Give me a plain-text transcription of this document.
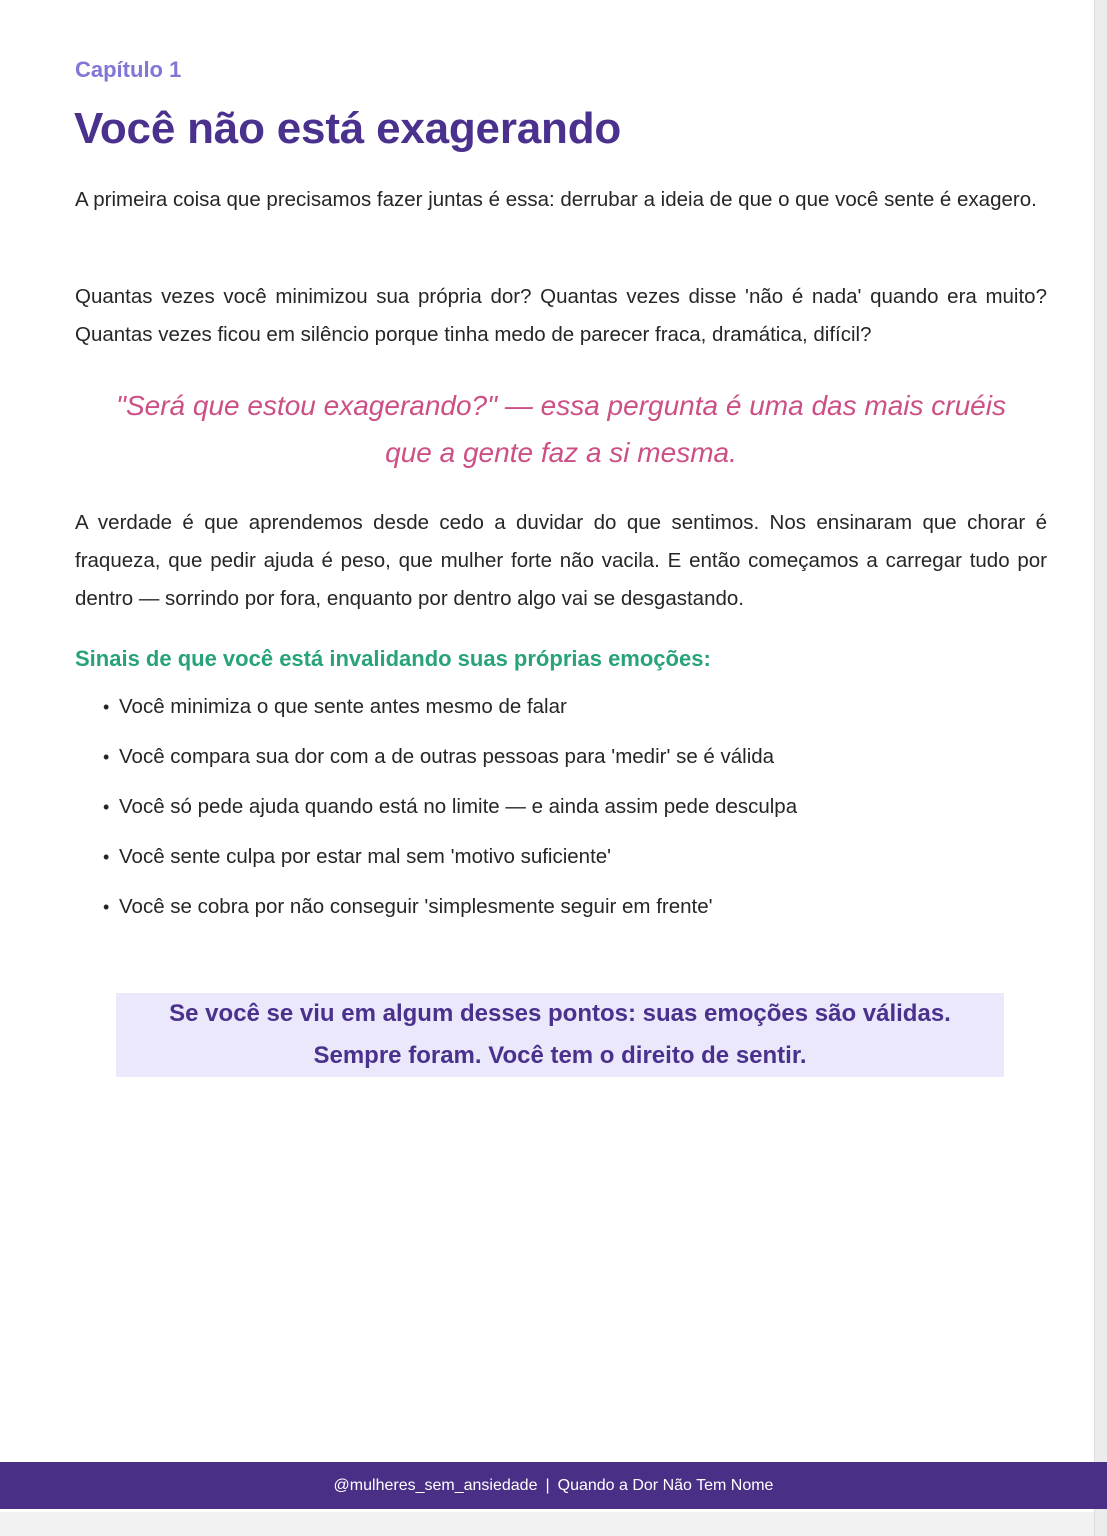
Capítulo 1

Você não está exagerando

A primeira coisa que precisamos fazer juntas é essa: derrubar a ideia de que o que você sente é exagero.

Quantas vezes você minimizou sua própria dor? Quantas vezes disse 'não é nada' quando era muito? Quantas vezes ficou em silêncio porque tinha medo de parecer fraca, dramática, difícil?

"Será que estou exagerando?" — essa pergunta é uma das mais cruéis
que a gente faz a si mesma.

A verdade é que aprendemos desde cedo a duvidar do que sentimos. Nos ensinaram que chorar é fraqueza, que pedir ajuda é peso, que mulher forte não vacila. E então começamos a carregar tudo por dentro — sorrindo por fora, enquanto por dentro algo vai se desgastando.

Sinais de que você está invalidando suas próprias emoções:
• Você minimiza o que sente antes mesmo de falar
• Você compara sua dor com a de outras pessoas para 'medir' se é válida
• Você só pede ajuda quando está no limite — e ainda assim pede desculpa
• Você sente culpa por estar mal sem 'motivo suficiente'
• Você se cobra por não conseguir 'simplesmente seguir em frente'

Se você se viu em algum desses pontos: suas emoções são válidas.

Sempre foram. Você tem o direito de sentir.

@mulheres_sem_ansiedade | Quando a Dor Não Tem Nome
